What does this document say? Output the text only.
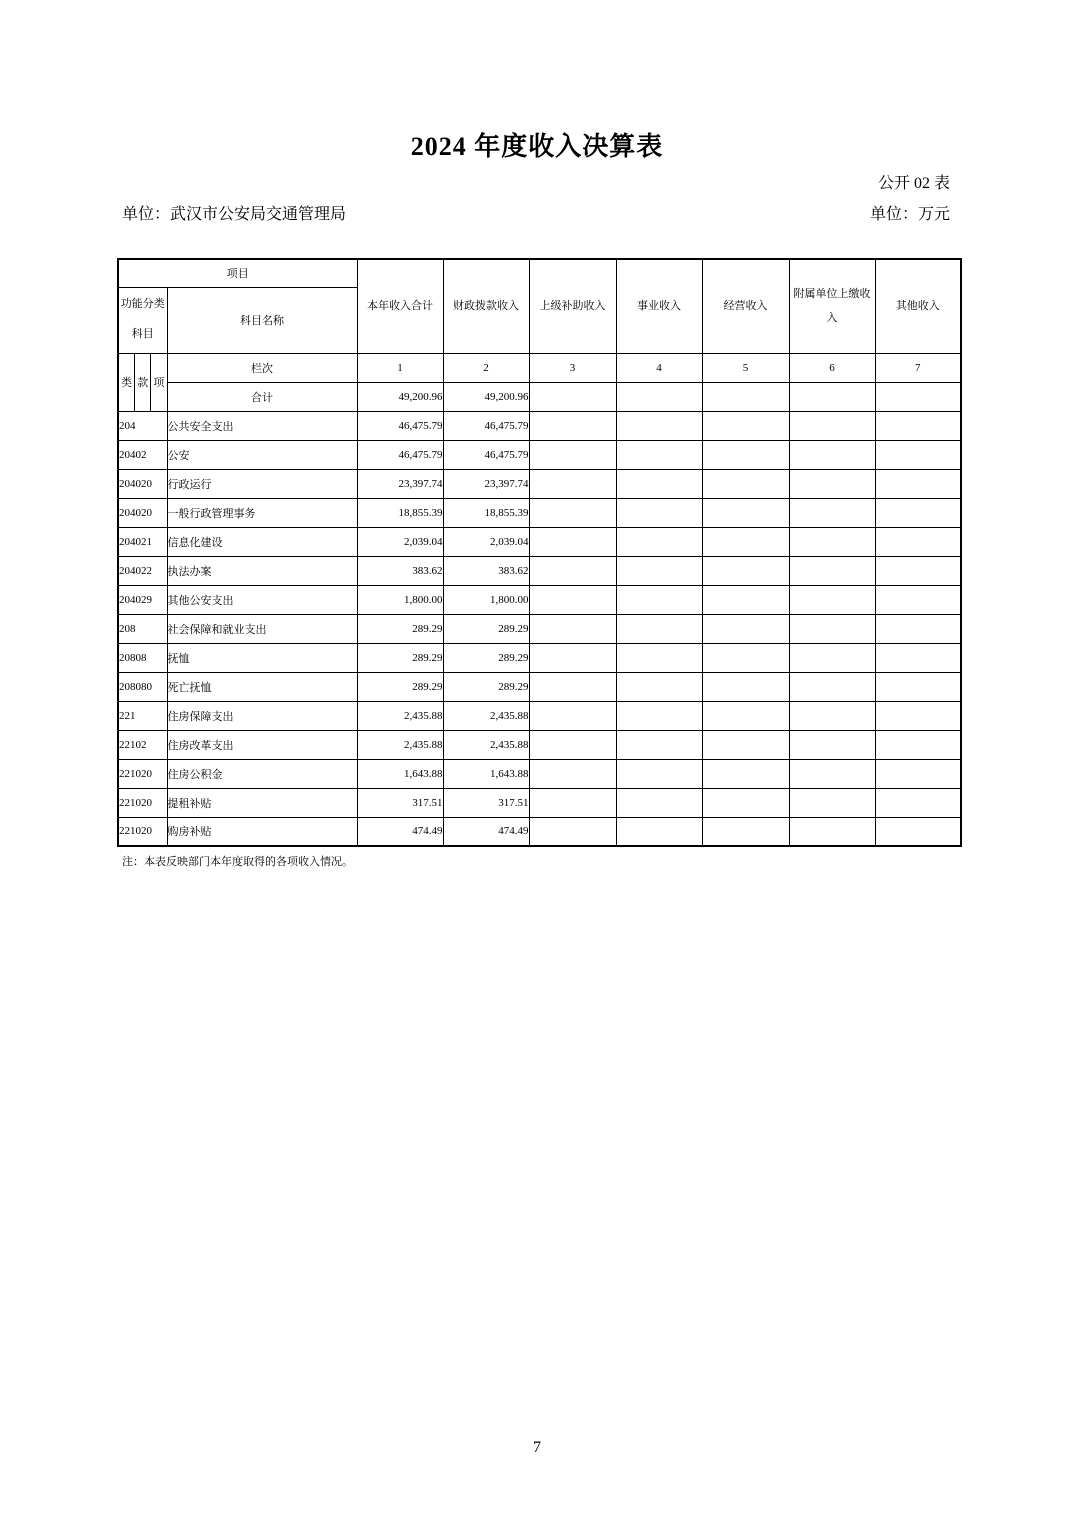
2024 年度收入决算表
公开 02 表
单位：武汉市公安局交通管理局	单位：万元
项目		本年收入合计	财政拨款收入	上级补助收入	事业收入	经营收入	附属单位上缴收入	其他收入
功能分类科目	科目名称							

类 款 项	栏次	1	2	3	4	5	6	7
	合计	49,200.96	49,200.96					
204	公共安全支出	46,475.79	46,475.79					
20402	公安	46,475.79	46,475.79					
204020	行政运行	23,397.74	23,397.74					
204020	一般行政管理事务	18,855.39	18,855.39					
204021	信息化建设	2,039.04	2,039.04					
204022	执法办案	383.62	383.62					
204029	其他公安支出	1,800.00	1,800.00					
208	社会保障和就业支出	289.29	289.29					
20808	抚恤	289.29	289.29					
208080	死亡抚恤	289.29	289.29					
221	住房保障支出	2,435.88	2,435.88					
22102	住房改革支出	2,435.88	2,435.88					
221020	住房公积金	1,643.88	1,643.88					
221020	提租补贴	317.51	317.51					
221020	购房补贴	474.49	474.49					
注：本表反映部门本年度取得的各项收入情况。
7
